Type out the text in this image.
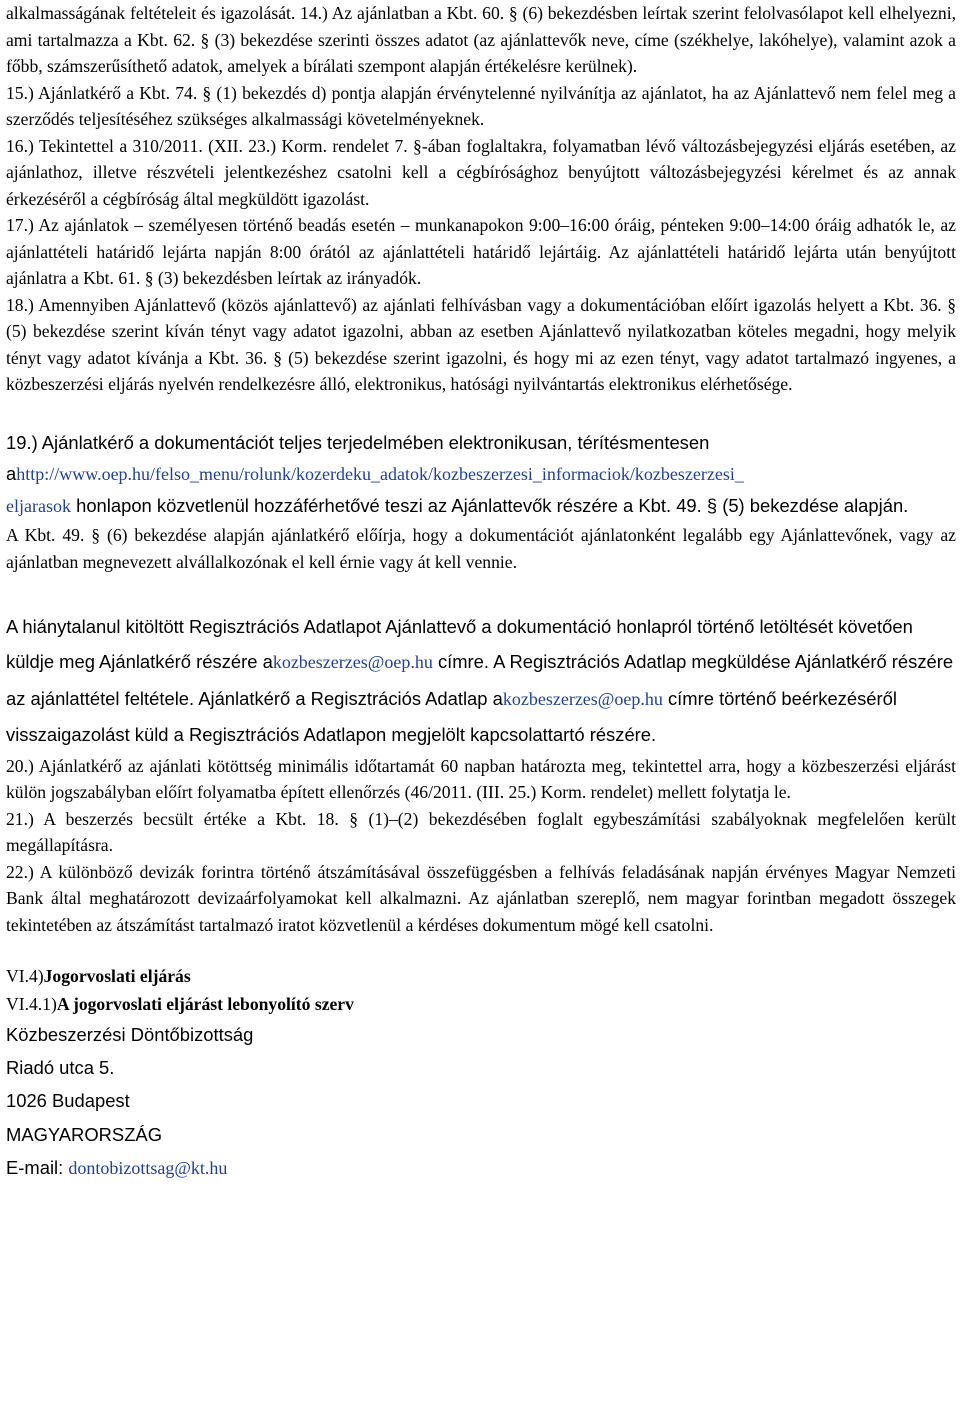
alkalmasságának feltételeit és igazolását. 14.) Az ajánlatban a Kbt. 60. § (6) bekezdésben leírtak szerint felolvasólapot kell elhelyezni, ami tartalmazza a Kbt. 62. § (3) bekezdése szerinti összes adatot (az ajánlattevők neve, címe (székhelye, lakóhelye), valamint azok a főbb, számszerűsíthető adatok, amelyek a bírálati szempont alapján értékelésre kerülnek).

15.) Ajánlatkérő a Kbt. 74. § (1) bekezdés d) pontja alapján érvénytelenné nyilvánítja az ajánlatot, ha az Ajánlattevő nem felel meg a szerződés teljesítéséhez szükséges alkalmassági követelményeknek.

16.) Tekintettel a 310/2011. (XII. 23.) Korm. rendelet 7. §-ában foglaltakra, folyamatban lévő változásbejegyzési eljárás esetében, az ajánlathoz, illetve részvételi jelentkezéshez csatolni kell a cégbírósághoz benyújtott változásbejegyzési kérelmet és az annak érkezéséről a cégbíróság által megküldött igazolást.

17.) Az ajánlatok – személyesen történő beadás esetén – munkanapokon 9:00–16:00 óráig, pénteken 9:00–14:00 óráig adhatók le, az ajánlattételi határidő lejárta napján 8:00 órától az ajánlattételi határidő lejártáig. Az ajánlattételi határidő lejárta után benyújtott ajánlatra a Kbt. 61. § (3) bekezdésben leírtak az irányadók.

18.) Amennyiben Ajánlattevő (közös ajánlattevő) az ajánlati felhívásban vagy a dokumentációban előírt igazolás helyett a Kbt. 36. § (5) bekezdése szerint kíván tényt vagy adatot igazolni, abban az esetben Ajánlattevő nyilatkozatban köteles megadni, hogy melyik tényt vagy adatot kívánja a Kbt. 36. § (5) bekezdése szerint igazolni, és hogy mi az ezen tényt, vagy adatot tartalmazó ingyenes, a közbeszerzési eljárás nyelvén rendelkezésre álló, elektronikus, hatósági nyilvántartás elektronikus elérhetősége.

19.) Ajánlatkérő a dokumentációt teljes terjedelmében elektronikusan, térítésmentesen ahttp://www.oep.hu/felso_menu/rolunk/kozerdeku_adatok/kozbeszerzesi_informaciok/kozbeszerzesi_
eljarasok honlapon közvetlenül hozzáférhetővé teszi az Ajánlattevők részére a Kbt. 49. § (5) bekezdése alapján.

A Kbt. 49. § (6) bekezdése alapján ajánlatkérő előírja, hogy a dokumentációt ajánlatonként legalább egy Ajánlattevőnek, vagy az ajánlatban megnevezett alvállalkozónak el kell érnie vagy át kell vennie.

A hiánytalanul kitöltött Regisztrációs Adatlapot Ajánlattevő a dokumentáció honlapról történő letöltését követően küldje meg Ajánlatkérő részére akozbeszerzes@oep.hu címre. A Regisztrációs Adatlap megküldése Ajánlatkérő részére az ajánlattétel feltétele. Ajánlatkérő a Regisztrációs Adatlap akozbeszerzes@oep.hu címre történő beérkezéséről visszaigazolást küld a Regisztrációs Adatlapon megjelölt kapcsolattartó részére.

20.) Ajánlatkérő az ajánlati kötöttség minimális időtartamát 60 napban határozta meg, tekintettel arra, hogy a közbeszerzési eljárást külön jogszabályban előírt folyamatba épített ellenőrzés (46/2011. (III. 25.) Korm. rendelet) mellett folytatja le.

21.) A beszerzés becsült értéke a Kbt. 18. § (1)–(2) bekezdésében foglalt egybeszámítási szabályoknak megfelelően került megállapításra.

22.) A különböző devizák forintra történő átszámításával összefüggésben a felhívás feladásának napján érvényes Magyar Nemzeti Bank által meghatározott devizaárfolyamokat kell alkalmazni. Az ajánlatban szereplő, nem magyar forintban megadott összegek tekintetében az átszámítást tartalmazó iratot közvetlenül a kérdéses dokumentum mögé kell csatolni.

VI.4)Jogorvoslati eljárás

VI.4.1)A jogorvoslati eljárást lebonyolító szerv

Közbeszerzési Döntőbizottság

Riadó utca 5.

1026 Budapest

MAGYARORSZÁG

E-mail: dontobizottsag@kt.hu
